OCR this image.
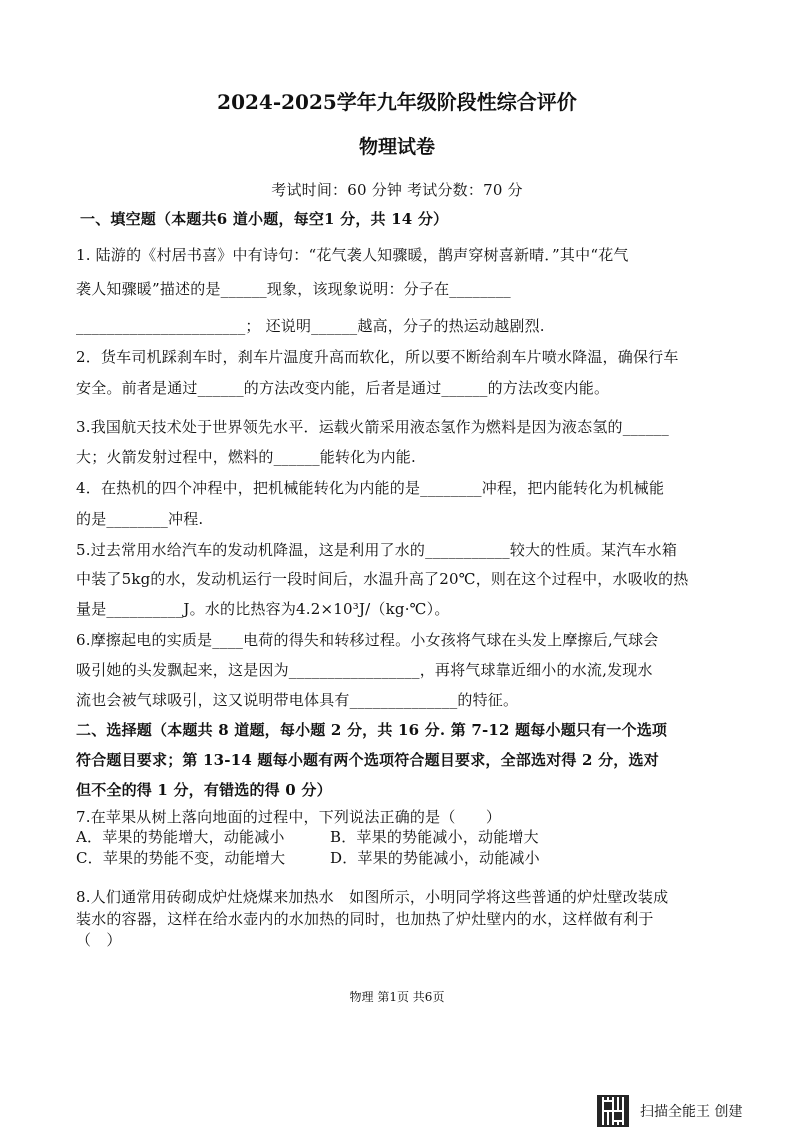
2024-2025学年九年级阶段性综合评价
物理试卷
考试时间：60 分钟 考试分数：70 分
一、填空题（本题共6 道小题，每空1 分，共 14 分）
1. 陆游的《村居书喜》中有诗句：“花气袭人知骤暖，鹊声穿树喜新晴．”其中“花气
袭人知骤暖”描述的是______现象，该现象说明：分子在________
______________________； 还说明______越高，分子的热运动越剧烈.
2．货车司机踩刹车时，刹车片温度升高而软化，所以要不断给刹车片喷水降温，确保行车
安全。前者是通过______的方法改变内能，后者是通过______的方法改变内能。
3.我国航天技术处于世界领先水平．运载火箭采用液态氢作为燃料是因为液态氢的______
大；火箭发射过程中，燃料的______能转化为内能.
4．在热机的四个冲程中，把机械能转化为内能的是________冲程，把内能转化为机械能
的是________冲程.
5.过去常用水给汽车的发动机降温，这是利用了水的___________较大的性质。某汽车水箱
中装了5kg的水，发动机运行一段时间后，水温升高了20℃，则在这个过程中，水吸收的热
量是__________J。水的比热容为4.2×10³J/（kg·℃）。
6.摩擦起电的实质是____电荷的得失和转移过程。小女孩将气球在头发上摩擦后,气球会
吸引她的头发飘起来，这是因为_________________，再将气球靠近细小的水流,发现水
流也会被气球吸引，这又说明带电体具有______________的特征。
二、选择题（本题共 8 道题，每小题 2 分，共 16 分. 第 7-12 题每小题只有一个选项
符合题目要求；第 13-14 题每小题有两个选项符合题目要求，全部选对得 2 分，选对
但不全的得 1 分，有错选的得 0 分）
7.在苹果从树上落向地面的过程中，下列说法正确的是（　　）
A．苹果的势能增大，动能减小	B．苹果的势能减小，动能增大
C．苹果的势能不变，动能增大	D．苹果的势能减小，动能减小
8.人们通常用砖砌成炉灶烧煤来加热水　如图所示，小明同学将这些普通的炉灶壁改装成
装水的容器，这样在给水壶内的水加热的同时，也加热了炉灶壁内的水，这样做有利于
（　）
物理 第1页 共6页
扫描全能王 创建
